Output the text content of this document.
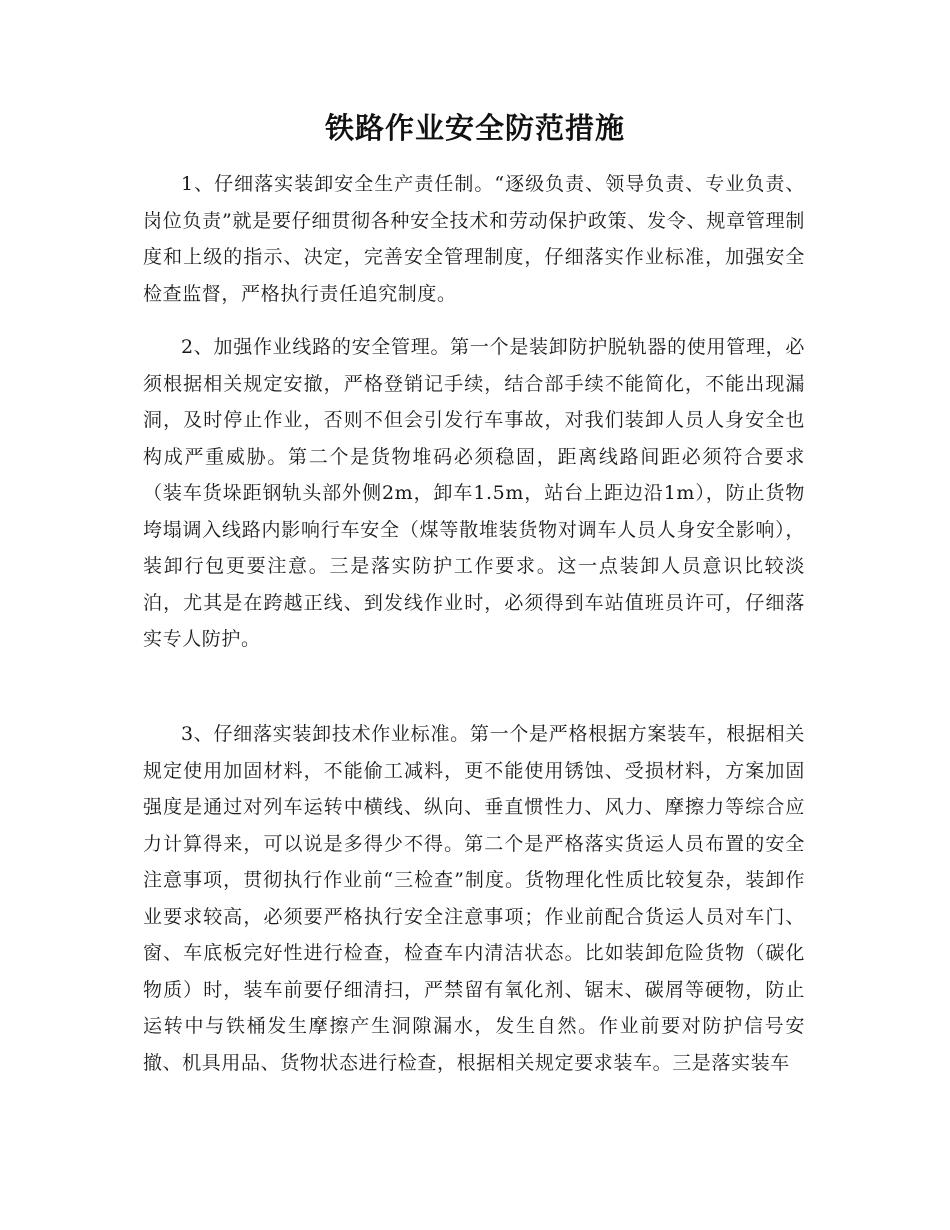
铁路作业安全防范措施

1、仔细落实装卸安全生产责任制。“逐级负责、领导负责、专业负责、岗位负责”就是要仔细贯彻各种安全技术和劳动保护政策、发令、规章管理制度和上级的指示、决定，完善安全管理制度，仔细落实作业标准，加强安全检查监督，严格执行责任追究制度。

2、加强作业线路的安全管理。第一个是装卸防护脱轨器的使用管理，必须根据相关规定安撤，严格登销记手续，结合部手续不能简化，不能出现漏洞，及时停止作业，否则不但会引发行车事故，对我们装卸人员人身安全也构成严重威胁。第二个是货物堆码必须稳固，距离线路间距必须符合要求（装车货垛距钢轨头部外侧2m，卸车1.5m，站台上距边沿1m），防止货物垮塌调入线路内影响行车安全（煤等散堆装货物对调车人员人身安全影响），装卸行包更要注意。三是落实防护工作要求。这一点装卸人员意识比较淡泊，尤其是在跨越正线、到发线作业时，必须得到车站值班员许可，仔细落实专人防护。

3、仔细落实装卸技术作业标准。第一个是严格根据方案装车，根据相关规定使用加固材料，不能偷工减料，更不能使用锈蚀、受损材料，方案加固强度是通过对列车运转中横线、纵向、垂直惯性力、风力、摩擦力等综合应力计算得来，可以说是多得少不得。第二个是严格落实货运人员布置的安全注意事项，贯彻执行作业前“三检查”制度。货物理化性质比较复杂，装卸作业要求较高，必须要严格执行安全注意事项；作业前配合货运人员对车门、窗、车底板完好性进行检查，检查车内清洁状态。比如装卸危险货物（碳化物质）时，装车前要仔细清扫，严禁留有氧化剂、锯末、碳屑等硬物，防止运转中与铁桶发生摩擦产生洞隙漏水，发生自然。作业前要对防护信号安撤、机具用品、货物状态进行检查，根据相关规定要求装车。三是落实装车
